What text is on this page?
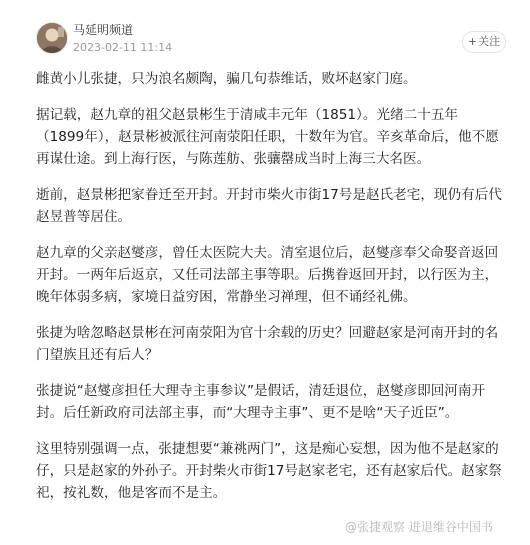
马延明频道
2023-02-11 11:14	+关注

雌黄小儿张捷，只为浪名颇陶，骗几句恭维话，败坏赵家门庭。

据记载，赵九章的祖父赵景彬生于清咸丰元年（1851）。光绪二十五年（1899年），赵景彬被派往河南荥阳任职，十数年为官。辛亥革命后，他不愿再谋仕途。到上海行医，与陈莲舫、张骧罄成当时上海三大名医。

逝前，赵景彬把家眷迁至开封。开封市柴火市街17号是赵氏老宅，现仍有后代赵昱普等居住。

赵九章的父亲赵燮彦，曾任太医院大夫。清室退位后，赵燮彦奉父命娶音返回开封。一两年后返京，又任司法部主事等职。后携眷返回开封，以行医为主，晚年体弱多病，家境日益穷困，常静坐习禅理，但不诵经礼佛。

张捷为啥忽略赵景彬在河南荥阳为官十余载的历史？回避赵家是河南开封的名门望族且还有后人？

张捷说“赵燮彦担任大理寺主事参议”是假话，清廷退位，赵燮彦即回河南开封。后任新政府司法部主事，而“大理寺主事”、更不是啥“天子近臣”。

这里特别强调一点，张捷想要“兼祧两门”，这是痴心妄想，因为他不是赵家的仔，只是赵家的外孙子。开封柴火市街17号赵家老宅，还有赵家后代。赵家祭祀，按礼数，他是客而不是主。

@张捷观察 进退维谷中国书
